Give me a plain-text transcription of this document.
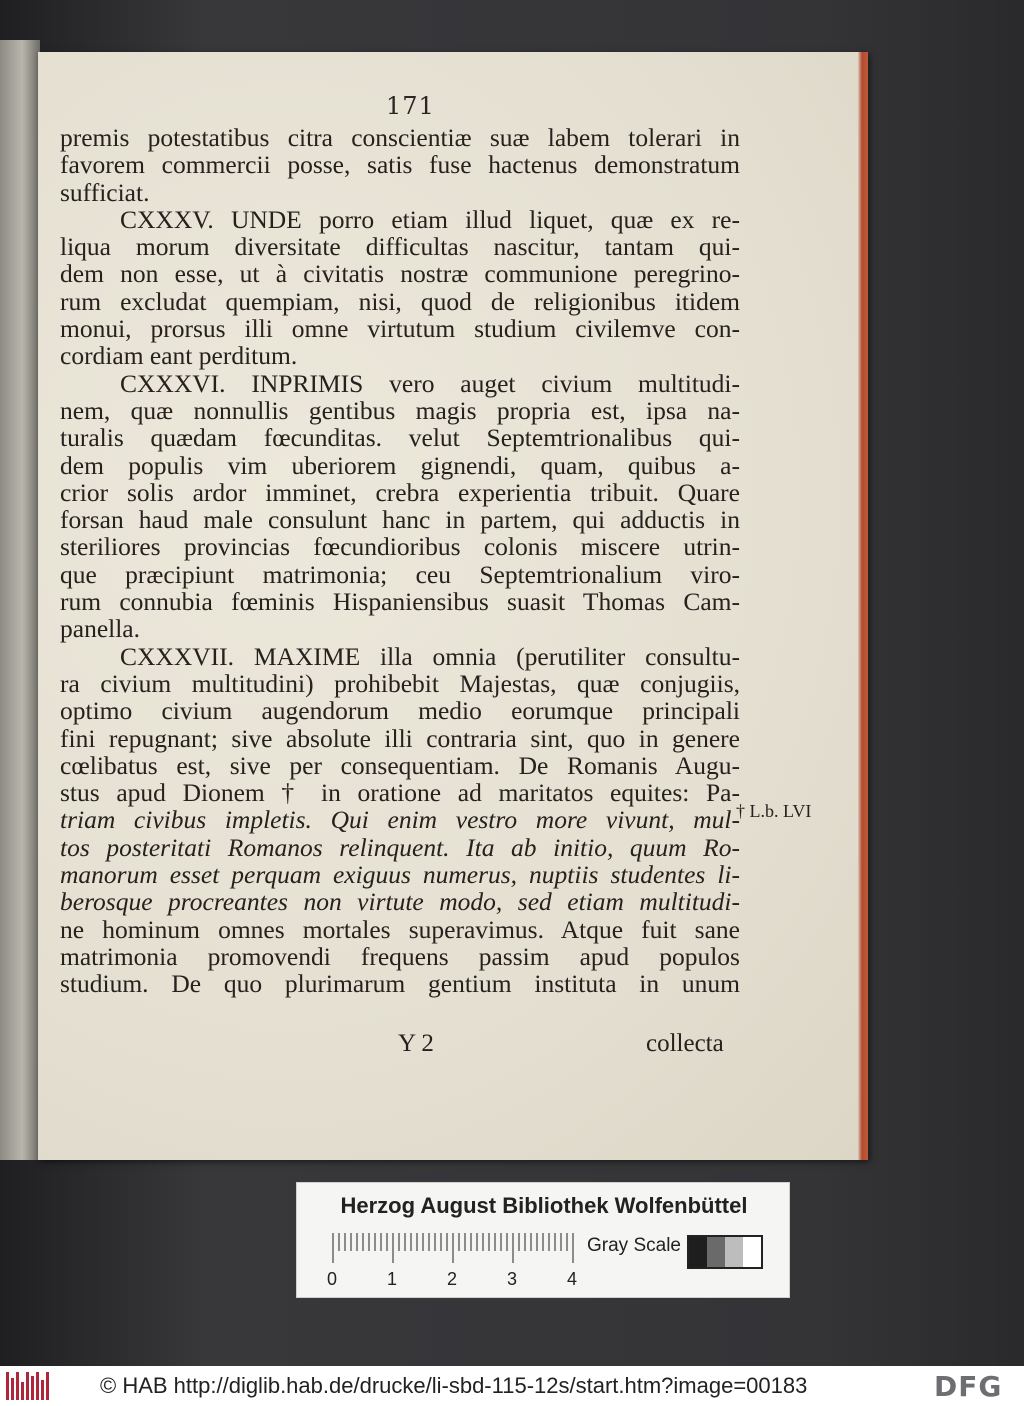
171
premis potestatibus citra conscientiæ suæ labem tolerari in
favorem commercii posse, satis fuse hactenus demonstratum
sufficiat.
CXXXV. UNDE porro etiam illud liquet, quæ ex re-
liqua morum diversitate difficultas nascitur, tantam qui-
dem non esse, ut à civitatis nostræ communione peregrino-
rum excludat quempiam, nisi, quod de religionibus itidem
monui, prorsus illi omne virtutum studium civilemve con-
cordiam eant perditum.
CXXXVI. INPRIMIS vero auget civium multitudi-
nem, quæ nonnullis gentibus magis propria est, ipsa na-
turalis quædam fœcunditas. velut Septemtrionalibus qui-
dem populis vim uberiorem gignendi, quam, quibus a-
crior solis ardor imminet, crebra experientia tribuit. Quare
forsan haud male consulunt hanc in partem, qui adductis in
steriliores provincias fœcundioribus colonis miscere utrin-
que præcipiunt matrimonia; ceu Septemtrionalium viro-
rum connubia fœminis Hispaniensibus suasit Thomas Cam-
panella.
CXXXVII. MAXIME illa omnia (perutiliter consultu-
ra civium multitudini) prohibebit Majestas, quæ conjugiis,
optimo civium augendorum medio eorumque principali
fini repugnant; sive absolute illi contraria sint, quo in genere
cœlibatus est, sive per consequentiam. De Romanis Augu-
stus apud Dionem † in oratione ad maritatos equites: Pa-
triam civibus impletis. Qui enim vestro more vivunt, mul-
tos posteritati Romanos relinquent. Ita ab initio, quum Ro-
manorum esset perquam exiguus numerus, nuptiis studentes li-
berosque procreantes non virtute modo, sed etiam multitudi-
ne hominum omnes mortales superavimus. Atque fuit sane
matrimonia promovendi frequens passim apud populos
studium. De quo plurimarum gentium instituta in unum
† L.b. LVI
Y 2	collecta
Herzog August Bibliothek Wolfenbüttel
0	1	2	3	4
Gray Scale
© HAB http://diglib.hab.de/drucke/li-sbd-115-12s/start.htm?image=00183	DFG
